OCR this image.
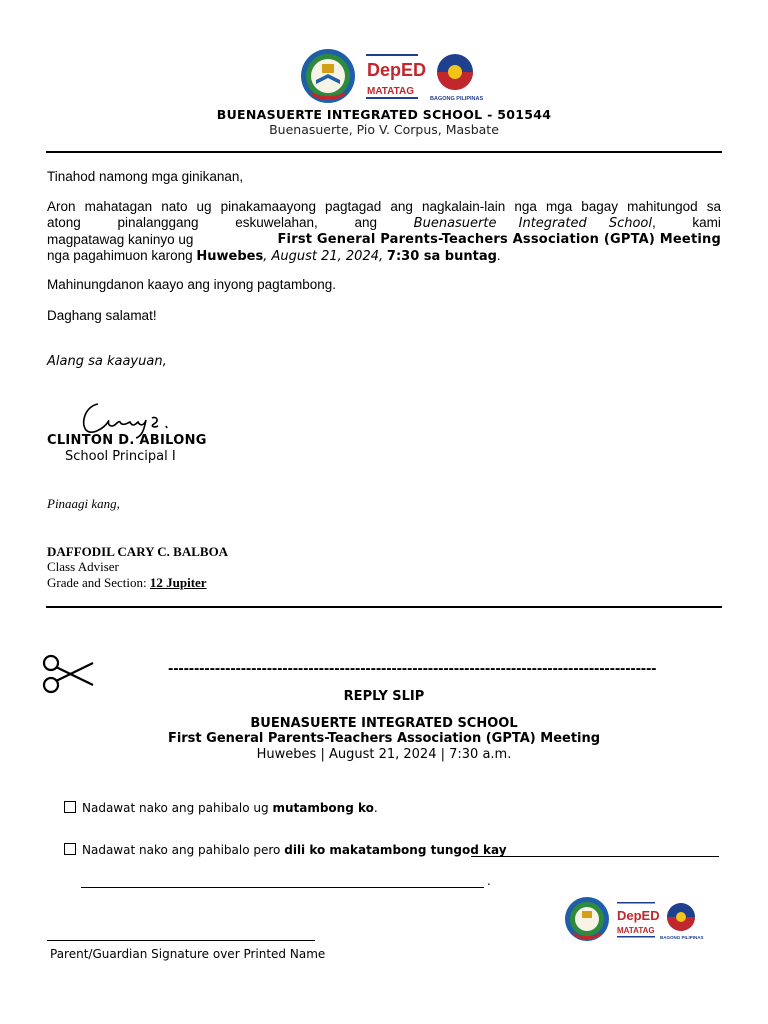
DepED
MATATAG
BAGONG PILIPINAS
BUENASUERTE INTEGRATED SCHOOL - 501544
Buenasuerte, Pio V. Corpus, Masbate
Tinahod namong mga ginikanan,
Aron mahatagan nato ug pinakamaayong pagtagad ang nagkalain-lain nga mga bagay mahitungod sa
atong	pinalanggang	eskuwelahan,	ang	Buenasuerte Integrated School,	kami
magpatawag kaninyo ug	First General Parents-Teachers Association (GPTA) Meeting
nga pagahimuon karong Huwebes, August 21, 2024, 7:30 sa buntag.
Mahinungdanon kaayo ang inyong pagtambong.
Daghang salamat!
Alang sa kaayuan,
CLINTON D. ABILONG
School Principal I
Pinaagi kang,
DAFFODIL CARY C. BALBOA
Class Adviser
Grade and Section: 12 Jupiter
----------------------------------------------------------------------------------------------
REPLY SLIP
BUENASUERTE INTEGRATED SCHOOL
First General Parents-Teachers Association (GPTA) Meeting
Huwebes | August 21, 2024 | 7:30 a.m.
Nadawat nako ang pahibalo ug mutambong ko.
Nadawat nako ang pahibalo pero dili ko makatambong tungod kay
.
DepED
MATATAG
BAGONG PILIPINAS
Parent/Guardian Signature over Printed Name
